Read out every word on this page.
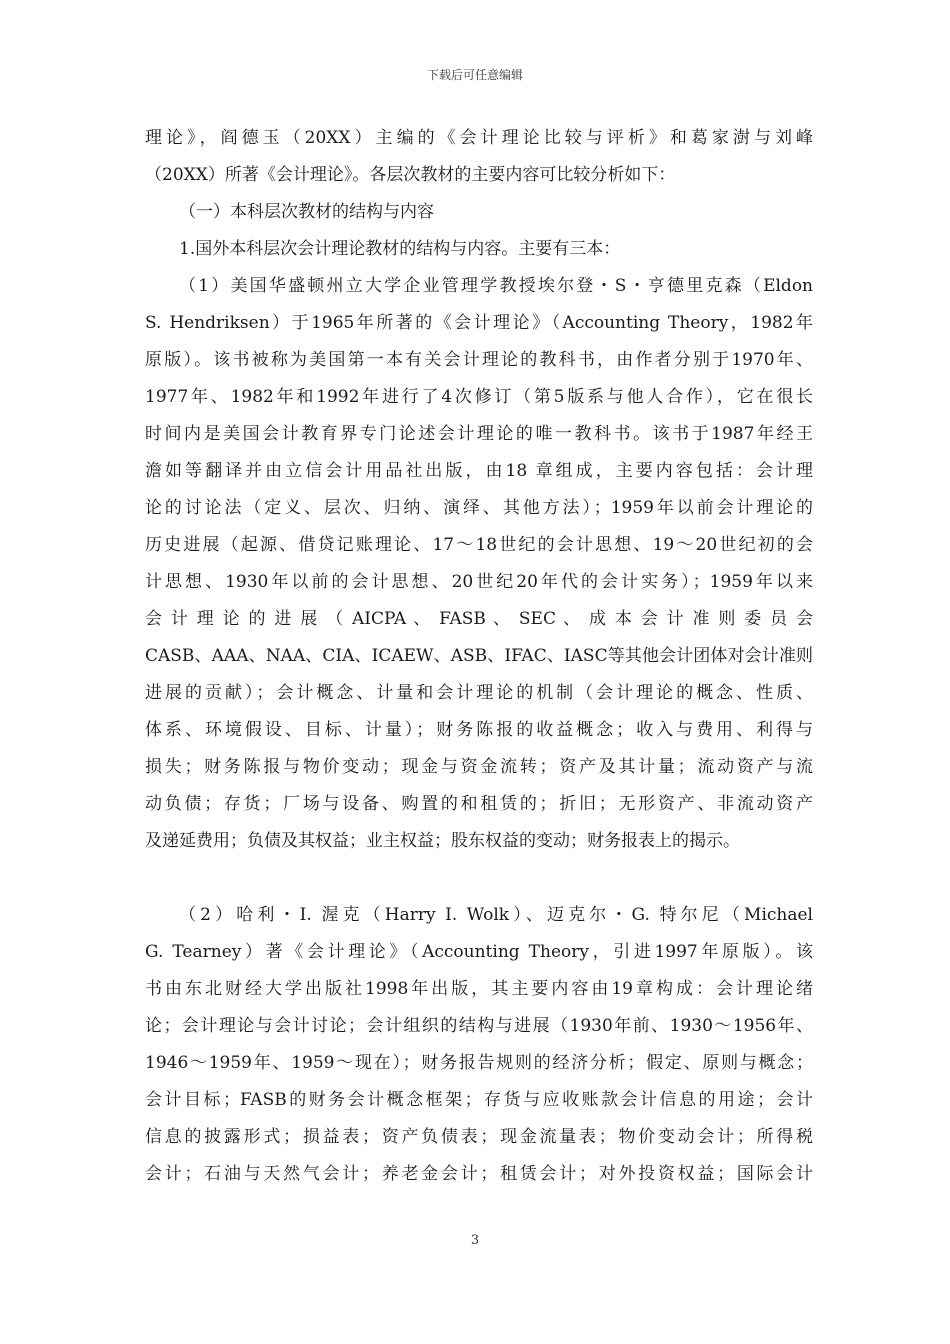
下载后可任意编辑
理论》，阎德玉（20XX）主编的《会计理论比较与评析》和葛家澍与刘峰
（20XX）所著《会计理论》。各层次教材的主要内容可比较分析如下：
（一）本科层次教材的结构与内容
1.国外本科层次会计理论教材的结构与内容。主要有三本：
（1）美国华盛顿州立大学企业管理学教授埃尔登・S・亨德里克森（Eldon
S. Hendriksen）于1965年所著的《会计理论》（Accounting Theory，1982年
原版）。该书被称为美国第一本有关会计理论的教科书，由作者分别于1970年、
1977年、1982年和1992年进行了4次修订（第5版系与他人合作），它在很长
时间内是美国会计教育界专门论述会计理论的唯一教科书。该书于1987年经王
澹如等翻译并由立信会计用品社出版，由18 章组成，主要内容包括：会计理
论的讨论法（定义、层次、归纳、演绎、其他方法）；1959年以前会计理论的
历史进展（起源、借贷记账理论、17～18世纪的会计思想、19～20世纪初的会
计思想、1930年以前的会计思想、20世纪20年代的会计实务）；1959年以来
会 计 理 论 的 进 展 （ AICPA 、 FASB 、 SEC 、 成 本 会 计 准 则 委 员 会
CASB、AAA、NAA、CIA、ICAEW、ASB、IFAC、IASC等其他会计团体对会计准则
进展的贡献）；会计概念、计量和会计理论的机制（会计理论的概念、性质、
体系、环境假设、目标、计量）；财务陈报的收益概念；收入与费用、利得与
损失；财务陈报与物价变动；现金与资金流转；资产及其计量；流动资产与流
动负债；存货；厂场与设备、购置的和租赁的；折旧；无形资产、非流动资产
及递延费用；负债及其权益；业主权益；股东权益的变动；财务报表上的揭示。
（2）哈利・I. 渥克（Harry I. Wolk）、迈克尔・G. 特尔尼（Michael
G. Tearney）著《会计理论》（Accounting Theory，引进1997年原版）。该
书由东北财经大学出版社1998年出版，其主要内容由19章构成：会计理论绪
论；会计理论与会计讨论；会计组织的结构与进展（1930年前、1930～1956年、
1946～1959年、1959～现在）；财务报告规则的经济分析；假定、原则与概念；
会计目标；FASB的财务会计概念框架；存货与应收账款会计信息的用途；会计
信息的披露形式；损益表；资产负债表；现金流量表；物价变动会计；所得税
会计；石油与天然气会计；养老金会计；租赁会计；对外投资权益；国际会计
3
